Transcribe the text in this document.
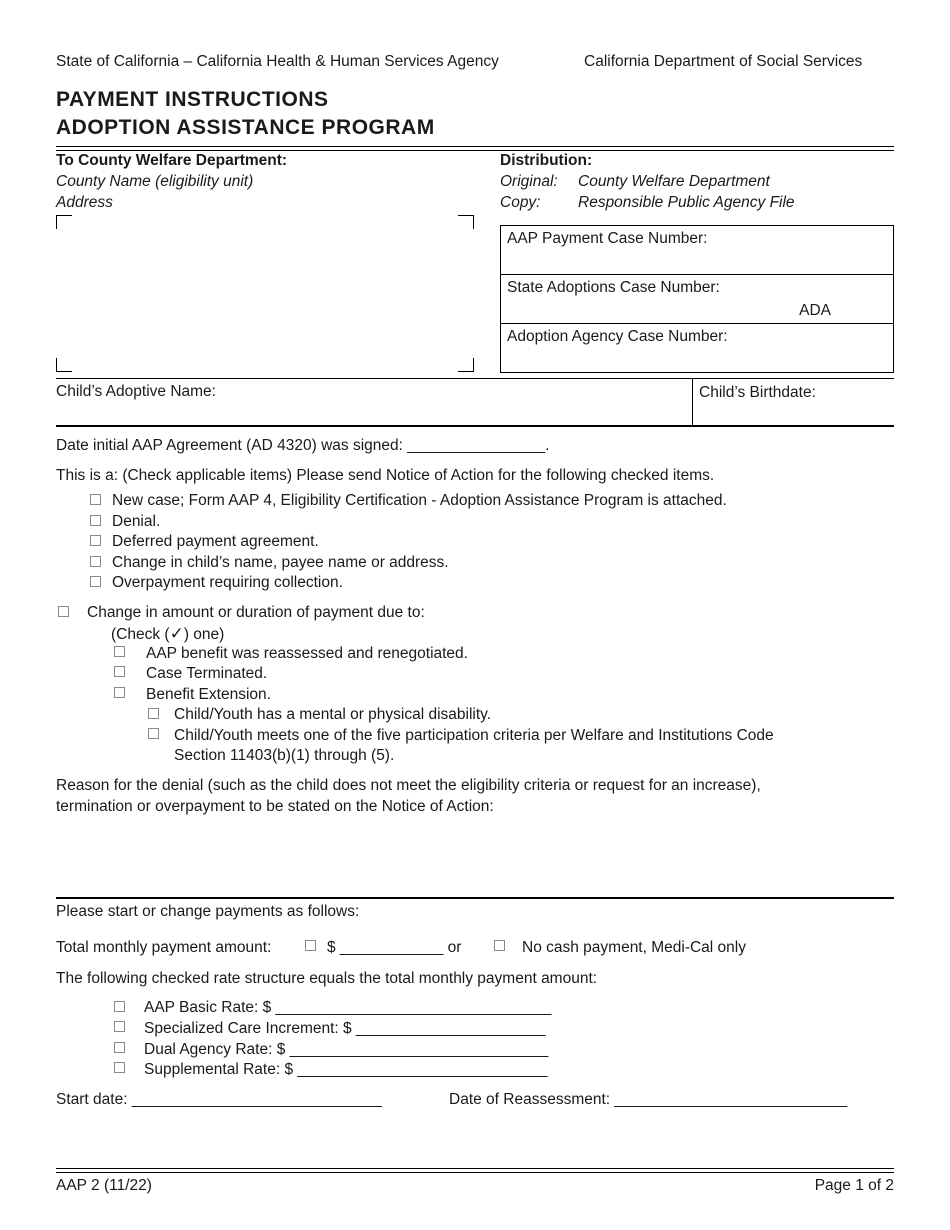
State of California – California Health & Human Services Agency	California Department of Social Services
PAYMENT INSTRUCTIONS
ADOPTION ASSISTANCE PROGRAM
To County Welfare Department:
County Name (eligibility unit)
Address
Distribution:
Original: County Welfare Department
Copy: Responsible Public Agency File
AAP Payment Case Number:
State Adoptions Case Number:
ADA
Adoption Agency Case Number:
Child’s Adoptive Name:	Child’s Birthdate:
Date initial AAP Agreement (AD 4320) was signed: ________________.
This is a: (Check applicable items) Please send Notice of Action for the following checked items.
New case; Form AAP 4, Eligibility Certification - Adoption Assistance Program is attached.
Denial.
Deferred payment agreement.
Change in child’s name, payee name or address.
Overpayment requiring collection.
Change in amount or duration of payment due to:
(Check (✓) one)
AAP benefit was reassessed and renegotiated.
Case Terminated.
Benefit Extension.
Child/Youth has a mental or physical disability.
Child/Youth meets one of the five participation criteria per Welfare and Institutions Code
Section 11403(b)(1) through (5).
Reason for the denial (such as the child does not meet the eligibility criteria or request for an increase),
termination or overpayment to be stated on the Notice of Action:
Please start or change payments as follows:
Total monthly payment amount:	$ ____________ or	No cash payment, Medi-Cal only
The following checked rate structure equals the total monthly payment amount:
AAP Basic Rate: $ ________________________________
Specialized Care Increment: $ ______________________
Dual Agency Rate: $ ______________________________
Supplemental Rate: $ _____________________________
Start date: _____________________________	Date of Reassessment: ___________________________
AAP 2 (11/22)	Page 1 of 2
